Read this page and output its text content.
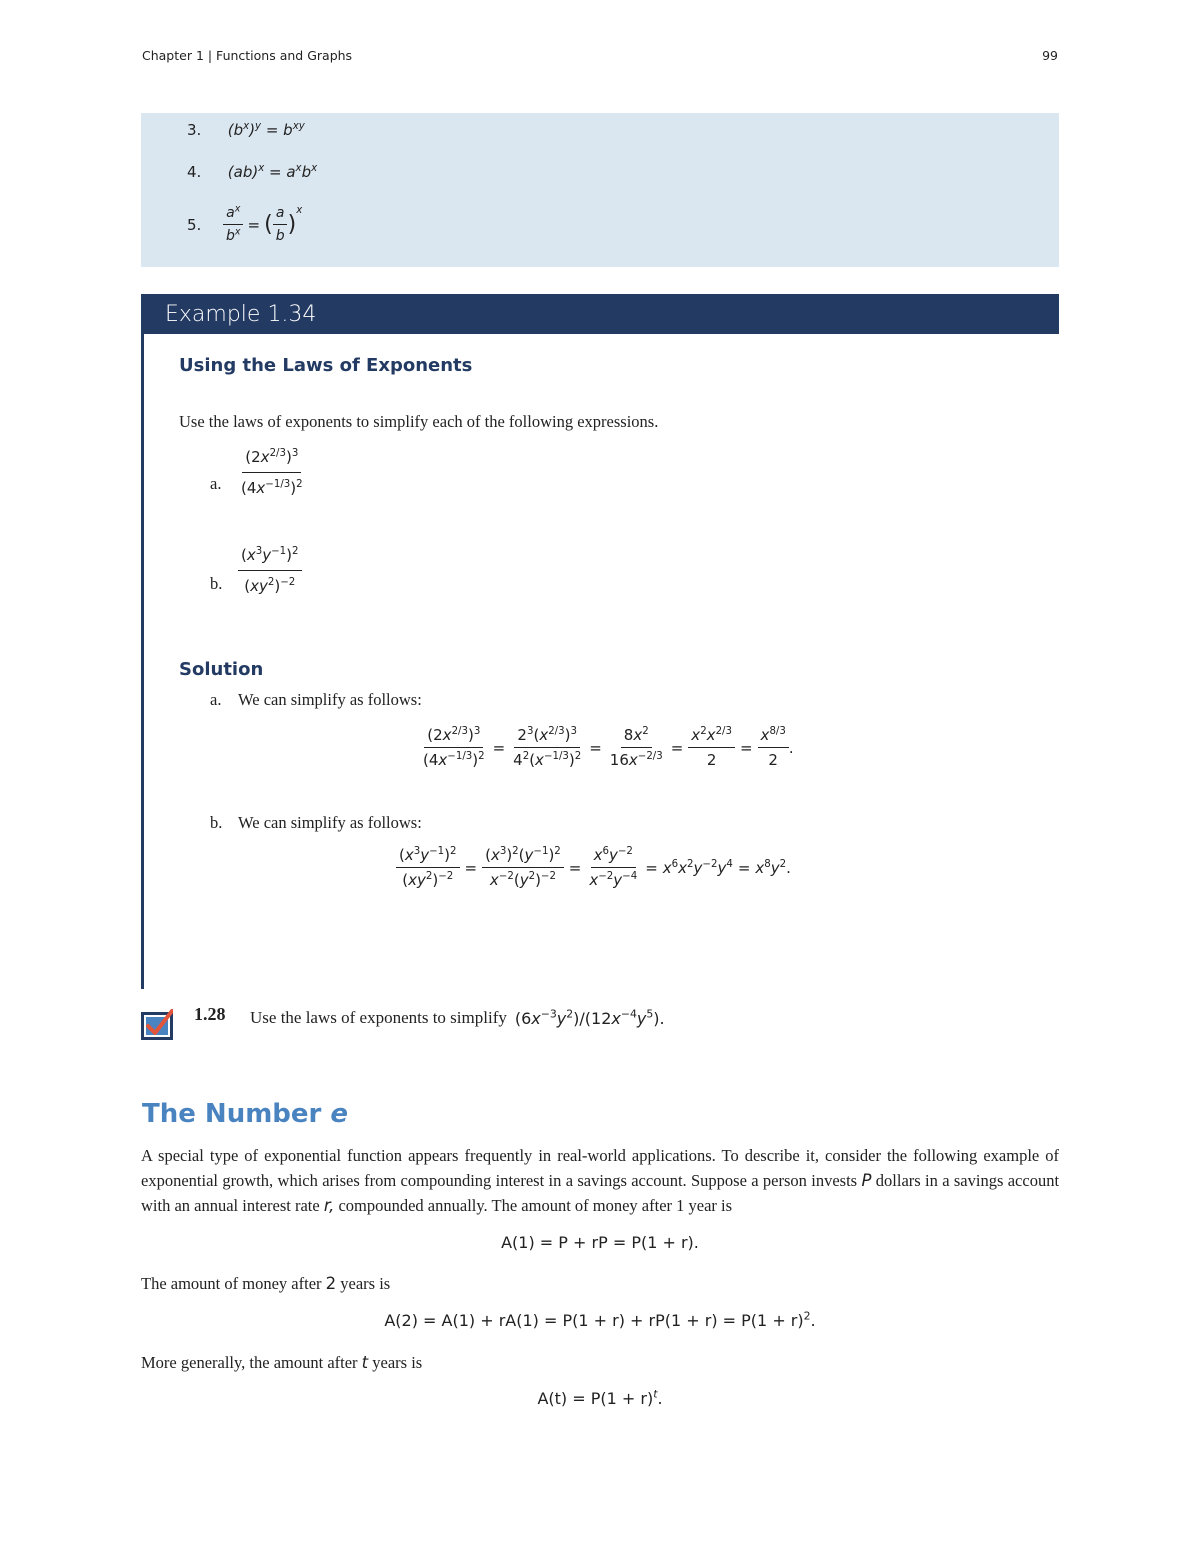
Chapter 1 | Functions and Graphs	99
3. $(b^x)^y = b^{xy}$
4. $(ab)^x = a^xb^x$
5.	$\frac{a^x}{b^x}$ = ( $\frac{a}{b}$ )
$^x$
Example 1.34
Using the Laws of Exponents
Use the laws of exponents to simplify each of the following expressions.
a. $\frac{(2x^{2/3})^3}{(4x^{-1/3})^2}$
b. $\frac{(x^3y^{-1})^2}{(xy^2)^{-2}}$
Solution
a. We can simplify as follows:
$\frac{(2x^{2/3})^3}{(4x^{-1/3})^2} = \frac{2^3(x^{2/3})^3}{4^2(x^{-1/3})^2} = \frac{8x^2}{16x^{-2/3}} = \frac{x^2x^{2/3}}{2} = \frac{x^{8/3}}{2}$ .
b. We can simplify as follows:
$\frac{(x^3y^{-1})^2}{(xy^2)^{-2}} = \frac{(x^3)^2(y^{-1})^2}{x^{-2}(y^2)^{-2}} = \frac{x^6y^{-2}}{x^{-2}y^{-4}} = x^6x^2y^{-2}y^4 = x^8y^2$.
1.28 Use the laws of exponents to simplify $(6x^{-3}y^2)/(12x^{-4}y^5)$.
The Number e
A special type of exponential function appears frequently in real-world applications. To describe it, consider the following example of exponential growth, which arises from compounding interest in a savings account. Suppose a person invests P dollars in a savings account with an annual interest rate r, compounded annually. The amount of money after 1 year is
A(1) = P + rP = P(1 + r).
The amount of money after 2 years is
$A(2) = A(1) + rA(1) = P(1 + r) + rP(1 + r) = P(1 + r)^2$.
More generally, the amount after t years is
$A(t) = P(1 + r)^t$.
